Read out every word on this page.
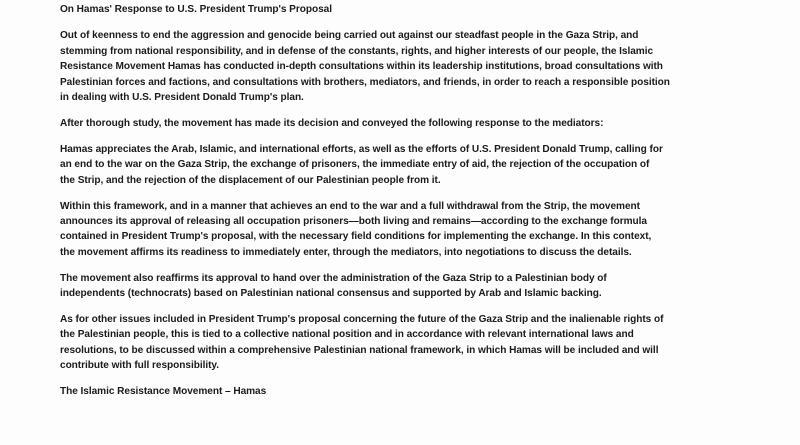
On Hamas' Response to U.S. President Trump's Proposal
Out of keenness to end the aggression and genocide being carried out against our steadfast people in the Gaza Strip, and
stemming from national responsibility, and in defense of the constants, rights, and higher interests of our people, the Islamic
Resistance Movement Hamas has conducted in-depth consultations within its leadership institutions, broad consultations with
Palestinian forces and factions, and consultations with brothers, mediators, and friends, in order to reach a responsible position
in dealing with U.S. President Donald Trump's plan.
After thorough study, the movement has made its decision and conveyed the following response to the mediators:
Hamas appreciates the Arab, Islamic, and international efforts, as well as the efforts of U.S. President Donald Trump, calling for
an end to the war on the Gaza Strip, the exchange of prisoners, the immediate entry of aid, the rejection of the occupation of
the Strip, and the rejection of the displacement of our Palestinian people from it.
Within this framework, and in a manner that achieves an end to the war and a full withdrawal from the Strip, the movement
announces its approval of releasing all occupation prisoners—both living and remains—according to the exchange formula
contained in President Trump's proposal, with the necessary field conditions for implementing the exchange. In this context,
the movement affirms its readiness to immediately enter, through the mediators, into negotiations to discuss the details.
The movement also reaffirms its approval to hand over the administration of the Gaza Strip to a Palestinian body of
independents (technocrats) based on Palestinian national consensus and supported by Arab and Islamic backing.
As for other issues included in President Trump's proposal concerning the future of the Gaza Strip and the inalienable rights of
the Palestinian people, this is tied to a collective national position and in accordance with relevant international laws and
resolutions, to be discussed within a comprehensive Palestinian national framework, in which Hamas will be included and will
contribute with full responsibility.
The Islamic Resistance Movement – Hamas
